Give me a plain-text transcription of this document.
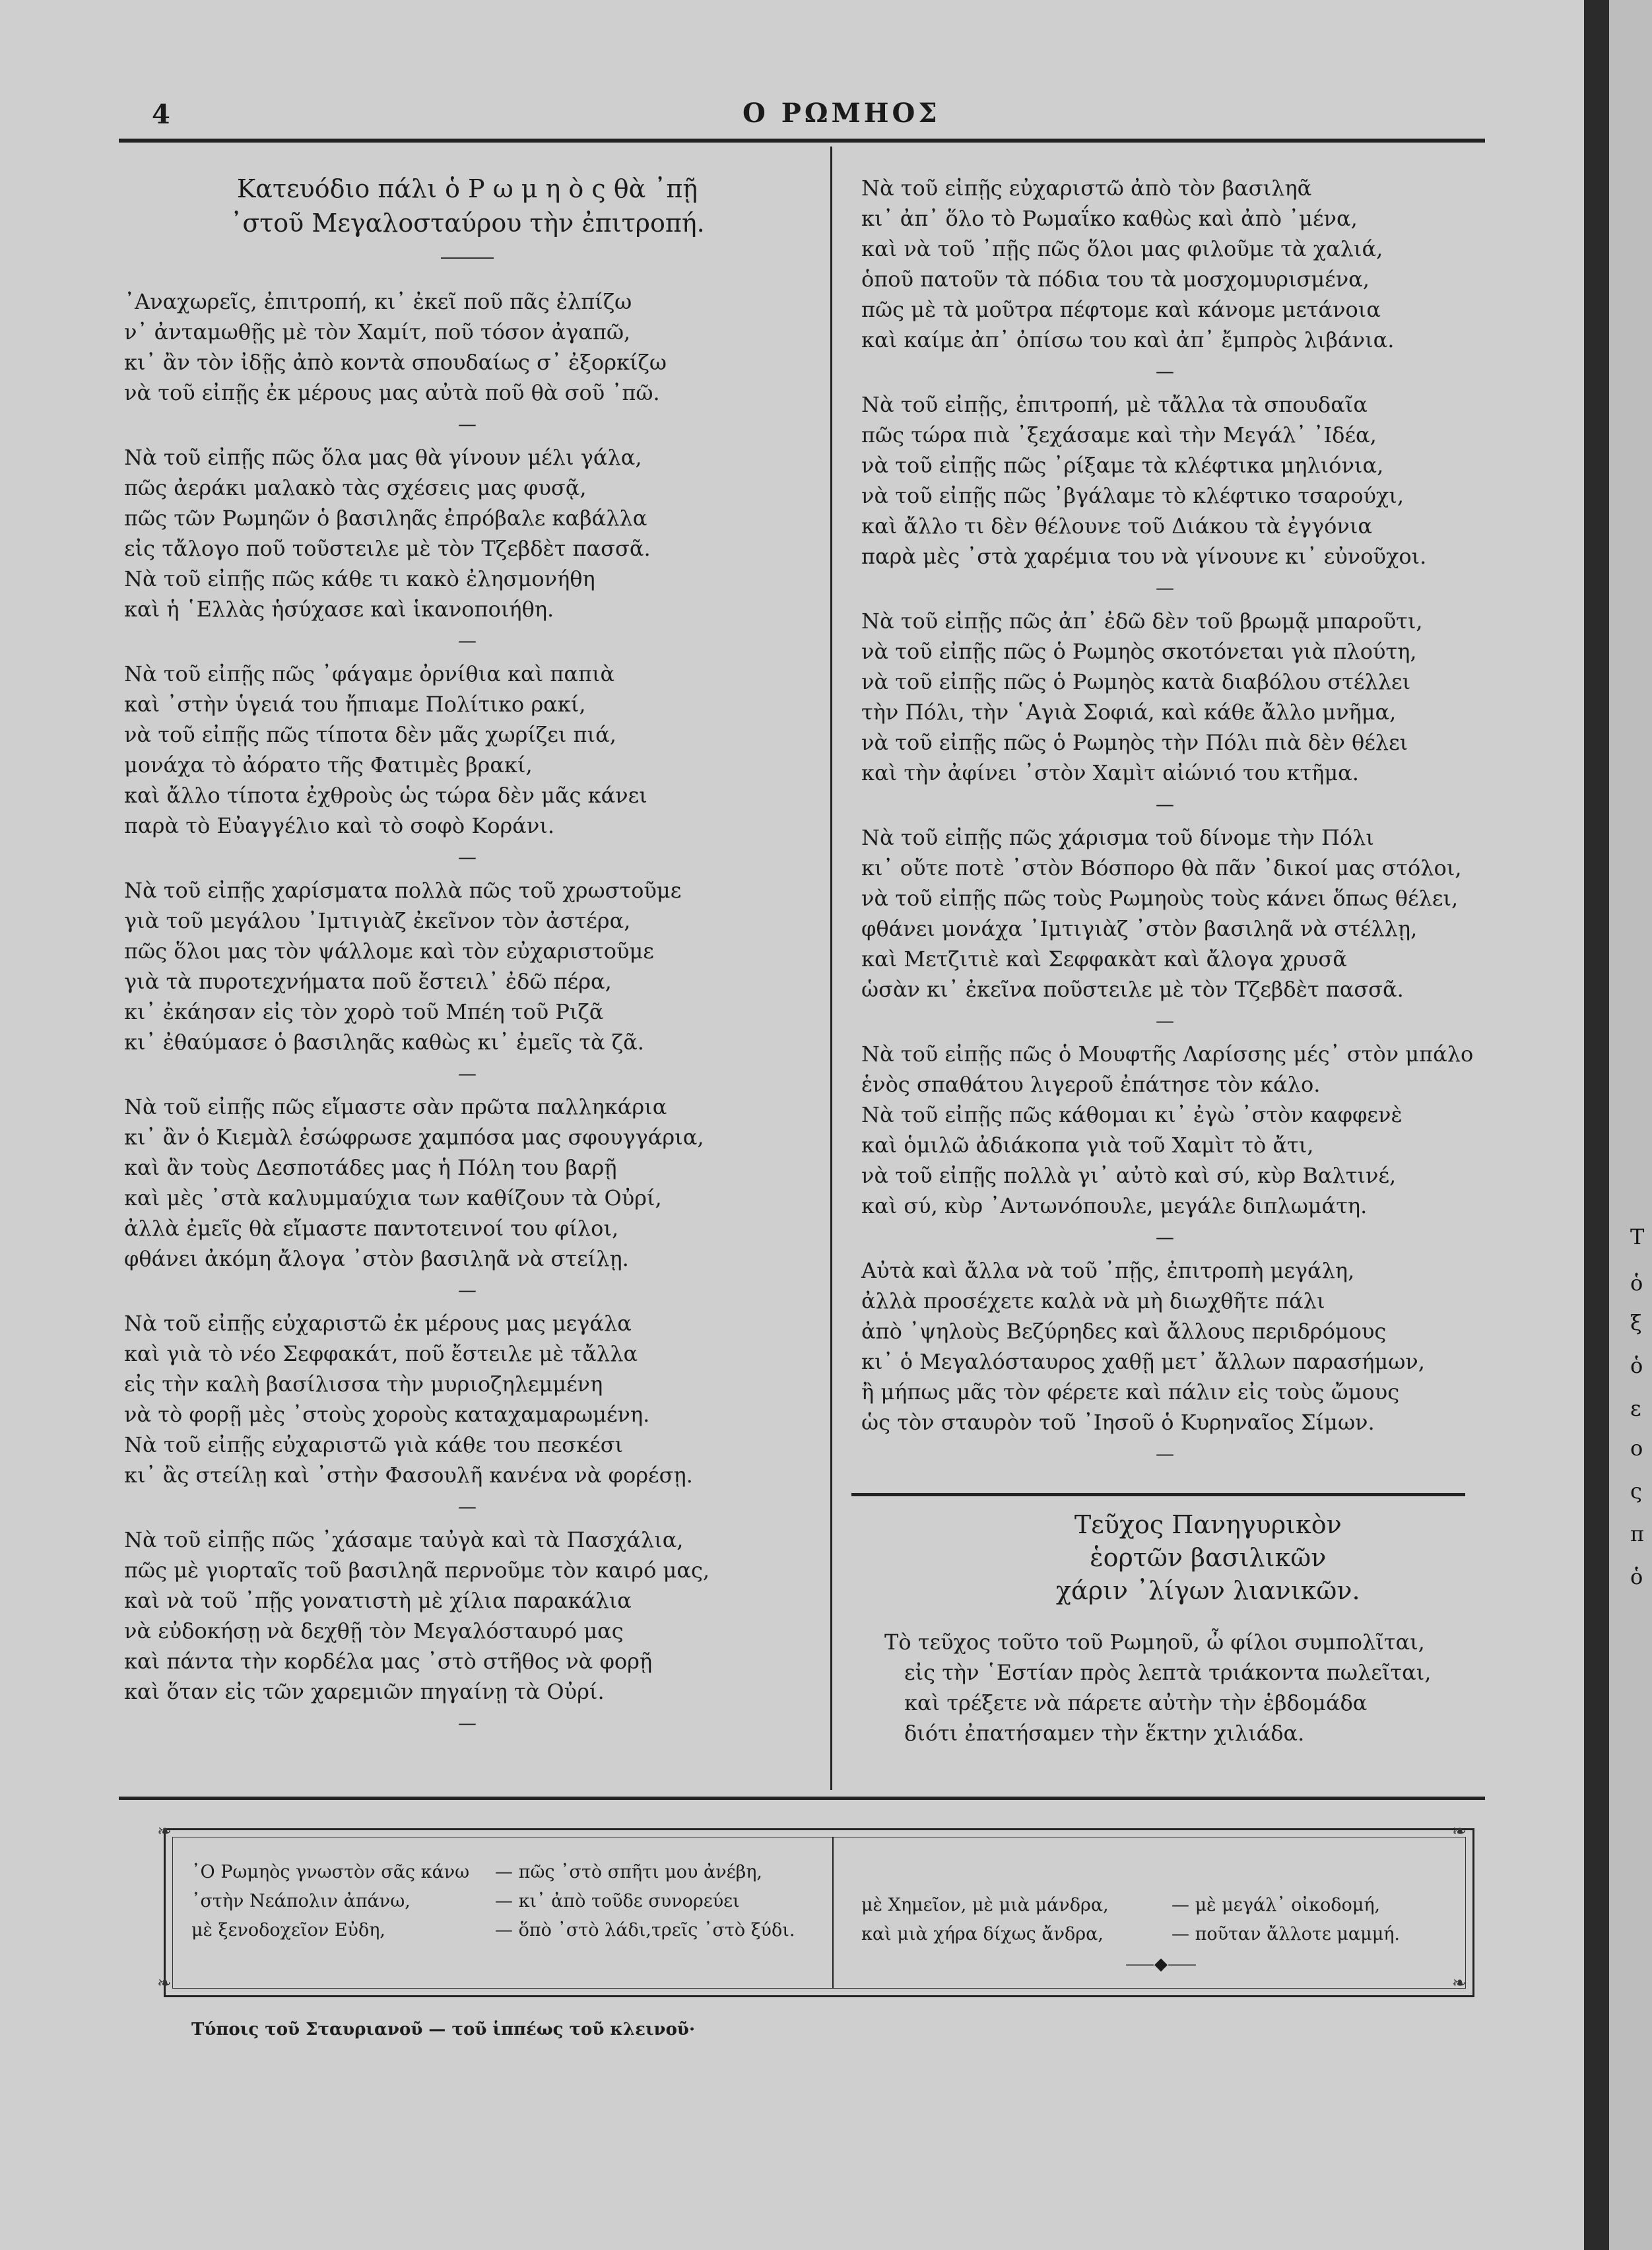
4	Ο ΡΩΜΗΟΣ

Κατευόδιο πάλι ὁ Ρ ω μ η ὸ ς θὰ ᾽πῇ

᾽στοῦ Μεγαλοσταύρου τὴν ἐπιτροπή.

᾽Αναχωρεῖς, ἐπιτροπή, κι᾽ ἐκεῖ ποῦ πᾶς ἐλπίζω

ν᾽ ἀνταμωθῇς μὲ τὸν Χαμίτ, ποῦ τόσον ἀγαπῶ,

κι᾽ ἂν τὸν ἰδῇς ἀπὸ κοντὰ σπουδαίως σ᾽ ἐξορκίζω

νὰ τοῦ εἰπῇς ἐκ μέρους μας αὐτὰ ποῦ θὰ σοῦ ᾽πῶ.

—

Νὰ τοῦ εἰπῇς πῶς ὅλα μας θὰ γίνουν μέλι γάλα,

πῶς ἀεράκι μαλακὸ τὰς σχέσεις μας φυσᾷ,

πῶς τῶν Ρωμηῶν ὁ βασιληᾶς ἐπρόβαλε καβάλλα

εἰς τἄλογο ποῦ τοῦστειλε μὲ τὸν Τζεβδὲτ πασσᾶ.

Νὰ τοῦ εἰπῇς πῶς κάθε τι κακὸ ἐλησμονήθη

καὶ ἡ ῾Ελλὰς ἡσύχασε καὶ ἱκανοποιήθη.

—

Νὰ τοῦ εἰπῇς πῶς ᾽φάγαμε ὀρνίθια καὶ παπιὰ

καὶ ᾽στὴν ὑγειά του ἤπιαμε Πολίτικο ρακί,

νὰ τοῦ εἰπῇς πῶς τίποτα δὲν μᾶς χωρίζει πιά,

μονάχα τὸ ἀόρατο τῆς Φατιμὲς βρακί,

καὶ ἄλλο τίποτα ἐχθροὺς ὡς τώρα δὲν μᾶς κάνει

παρὰ τὸ Εὐαγγέλιο καὶ τὸ σοφὸ Κοράνι.

—

Νὰ τοῦ εἰπῇς χαρίσματα πολλὰ πῶς τοῦ χρωστοῦμε

γιὰ τοῦ μεγάλου ᾽Ιμτιγιὰζ ἐκεῖνον τὸν ἀστέρα,

πῶς ὅλοι μας τὸν ψάλλομε καὶ τὸν εὐχαριστοῦμε

γιὰ τὰ πυροτεχνήματα ποῦ ἔστειλ᾽ ἐδῶ πέρα,

κι᾽ ἐκάησαν εἰς τὸν χορὸ τοῦ Μπέη τοῦ Ριζᾶ

κι᾽ ἐθαύμασε ὁ βασιληᾶς καθὼς κι᾽ ἐμεῖς τὰ ζᾶ.

—

Νὰ τοῦ εἰπῇς πῶς εἴμαστε σὰν πρῶτα παλληκάρια

κι᾽ ἂν ὁ Κιεμὰλ ἐσώφρωσε χαμπόσα μας σφουγγάρια,

καὶ ἂν τοὺς Δεσποτάδες μας ἡ Πόλη του βαρῇ

καὶ μὲς ᾽στὰ καλυμμαύχια των καθίζουν τὰ Οὐρί,

ἀλλὰ ἐμεῖς θὰ εἴμαστε παντοτεινοί του φίλοι,

φθάνει ἀκόμη ἄλογα ᾽στὸν βασιληᾶ νὰ στείλῃ.

—

Νὰ τοῦ εἰπῇς εὐχαριστῶ ἐκ μέρους μας μεγάλα

καὶ γιὰ τὸ νέο Σεφφακάτ, ποῦ ἔστειλε μὲ τἄλλα

εἰς τὴν καλὴ βασίλισσα τὴν μυριοζηλεμμένη

νὰ τὸ φορῇ μὲς ᾽στοὺς χορoὺς καταχαμαρωμένη.

Νὰ τοῦ εἰπῇς εὐχαριστῶ γιὰ κάθε του πεσκέσι

κι᾽ ἂς στείλῃ καὶ ᾽στὴν Φασουλῆ κανένα νὰ φορέσῃ.

—

Νὰ τοῦ εἰπῇς πῶς ᾽χάσαμε ταὐγὰ καὶ τὰ Πασχάλια,

πῶς μὲ γιορταῖς τοῦ βασιληᾶ περνοῦμε τὸν καιρό μας,

καὶ νὰ τοῦ ᾽πῇς γονατιστὴ μὲ χίλια παρακάλια

νὰ εὐδοκήσῃ νὰ δεχθῇ τὸν Μεγαλόσταυρό μας

καὶ πάντα τὴν κορδέλα μας ᾽στὸ στῆθος νὰ φορῇ

καὶ ὅταν εἰς τῶν χαρεμιῶν πηγαίνῃ τὰ Οὐρί.

—

Νὰ τοῦ εἰπῇς εὐχαριστῶ ἀπὸ τὸν βασιληᾶ

κι᾽ ἀπ᾽ ὅλο τὸ Ρωμαΐκο καθὼς καὶ ἀπὸ ᾽μένα,

καὶ νὰ τοῦ ᾽πῇς πῶς ὅλοι μας φιλοῦμε τὰ χαλιά,

ὁποῦ πατοῦν τὰ πόδια του τὰ μοσχομυρισμένα,

πῶς μὲ τὰ μοῦτρα πέφτομε καὶ κάνομε μετάνοια

καὶ καίμε ἀπ᾽ ὀπίσω του καὶ ἀπ᾽ ἔμπρὸς λιβάνια.

—

Νὰ τοῦ εἰπῇς, ἐπιτροπή, μὲ τἄλλα τὰ σπουδαῖα

πῶς τώρα πιὰ ᾽ξεχάσαμε καὶ τὴν Μεγάλ᾽ ᾽Ιδέα,

νὰ τοῦ εἰπῇς πῶς ᾽ρίξαμε τὰ κλέφτικα μηλιόνια,

νὰ τοῦ εἰπῇς πῶς ᾽βγάλαμε τὸ κλέφτικο τσαρούχι,

καὶ ἄλλο τι δὲν θέλουνε τοῦ Διάκου τὰ ἐγγόνια

παρὰ μὲς ᾽στὰ χαρέμια του νὰ γίνουνε κι᾽ εὐνοῦχοι.

—

Νὰ τοῦ εἰπῇς πῶς ἀπ᾽ ἐδῶ δὲν τοῦ βρωμᾷ μπαροῦτι,

νὰ τοῦ εἰπῇς πῶς ὁ Ρωμηὸς σκοτόνεται γιὰ πλούτη,

νὰ τοῦ εἰπῇς πῶς ὁ Ρωμηὸς κατὰ διαβόλου στέλλει

τὴν Πόλι, τὴν ῾Αγιὰ Σοφιά, καὶ κάθε ἄλλο μνῆμα,

νὰ τοῦ εἰπῇς πῶς ὁ Ρωμηὸς τὴν Πόλι πιὰ δὲν θέλει

καὶ τὴν ἀφίνει ᾽στὸν Χαμὶτ αἰώνιό του κτῆμα.

—

Νὰ τοῦ εἰπῇς πῶς χάρισμα τοῦ δίνομε τὴν Πόλι

κι᾽ οὔτε ποτὲ ᾽στὸν Βόσπορο θὰ πᾶν ᾽δικοί μας στόλοι,

νὰ τοῦ εἰπῇς πῶς τοὺς Ρωμηοὺς τοὺς κάνει ὅπως θέλει,

φθάνει μονάχα ᾽Ιμτιγιὰζ ᾽στὸν βασιληᾶ νὰ στέλλῃ,

καὶ Μετζιτιὲ καὶ Σεφφακὰτ καὶ ἄλογα χρυσᾶ

ὡσὰν κι᾽ ἐκεῖνα ποῦστειλε μὲ τὸν Τζεβδὲτ πασσᾶ.

—

Νὰ τοῦ εἰπῇς πῶς ὁ Μουφτῆς Λαρίσσης μές᾽ στὸν μπάλο

ἑνὸς σπαθάτου λιγεροῦ ἐπάτησε τὸν κάλο.

Νὰ τοῦ εἰπῇς πῶς κάθομαι κι᾽ ἐγὼ ᾽στὸν καφφενὲ

καὶ ὁμιλῶ ἀδιάκοπα γιὰ τοῦ Χαμὶτ τὸ ἄτι,

νὰ τοῦ εἰπῇς πολλὰ γι᾽ αὐτὸ καὶ σύ, κὺρ Βαλτινέ,

καὶ σύ, κὺρ ᾽Αντωνόπουλε, μεγάλε διπλωμάτη.

—

Αὐτὰ καὶ ἄλλα νὰ τοῦ ᾽πῇς, ἐπιτροπὴ μεγάλη,

ἀλλὰ προσέχετε καλὰ νὰ μὴ διωχθῆτε πάλι

ἀπὸ ᾽ψηλοὺς Βεζύρηδες καὶ ἄλλους περιδρόμους

κι᾽ ὁ Μεγαλόσταυρος χαθῇ μετ᾽ ἄλλων παρασήμων,

ἢ μήπως μᾶς τὸν φέρετε καὶ πάλιν εἰς τοὺς ὤμους

ὡς τὸν σταυρὸν τοῦ ᾽Ιησοῦ ὁ Κυρηναῖος Σίμων.

—

Τεῦχος Πανηγυρικὸν

ἑορτῶν βασιλικῶν

χάριν ᾽λίγων λιανικῶν.

Τὸ τεῦχος τοῦτο τοῦ Ρωμηοῦ, ὦ φίλοι συμπολῖται,

εἰς τὴν ῾Εστίαν πρὸς λεπτὰ τριάκοντα πωλεῖται,

καὶ τρέξετε νὰ πάρετε αὐτὴν τὴν ἑβδομάδα

διότι ἐπατήσαμεν τὴν ἕκτην χιλιάδα.

❧	❧
❧	❧

᾽Ο Ρωμηὸς γνωστὸν σᾶς κάνω — πῶς ᾽στὸ σπῆτι μου ἀνέβη,

᾽στὴν Νεάπολιν ἀπάνω,	— κι᾽ ἀπὸ τοῦδε συνορεύει

μὲ ξενοδοχεῖον Εὐδη,	— ὅπὸ ᾽στὸ λάδι,τρεῖς ᾽στὸ ξύδι.

μὲ Χημεῖον, μὲ μιὰ μάνδρα,	— μὲ μεγάλ᾽ οἰκοδομή,

καὶ μιὰ χήρα δίχως ἄνδρα,	— ποῦταν ἄλλοτε μαμμή.

⸺◆⸺
Τύποις τοῦ Σταυριανοῦ — τοῦ ἱππέως τοῦ κλεινοῦ·
Τ
ὁ
ξ
ὁ
ε
ο
ς
π
ὁ
